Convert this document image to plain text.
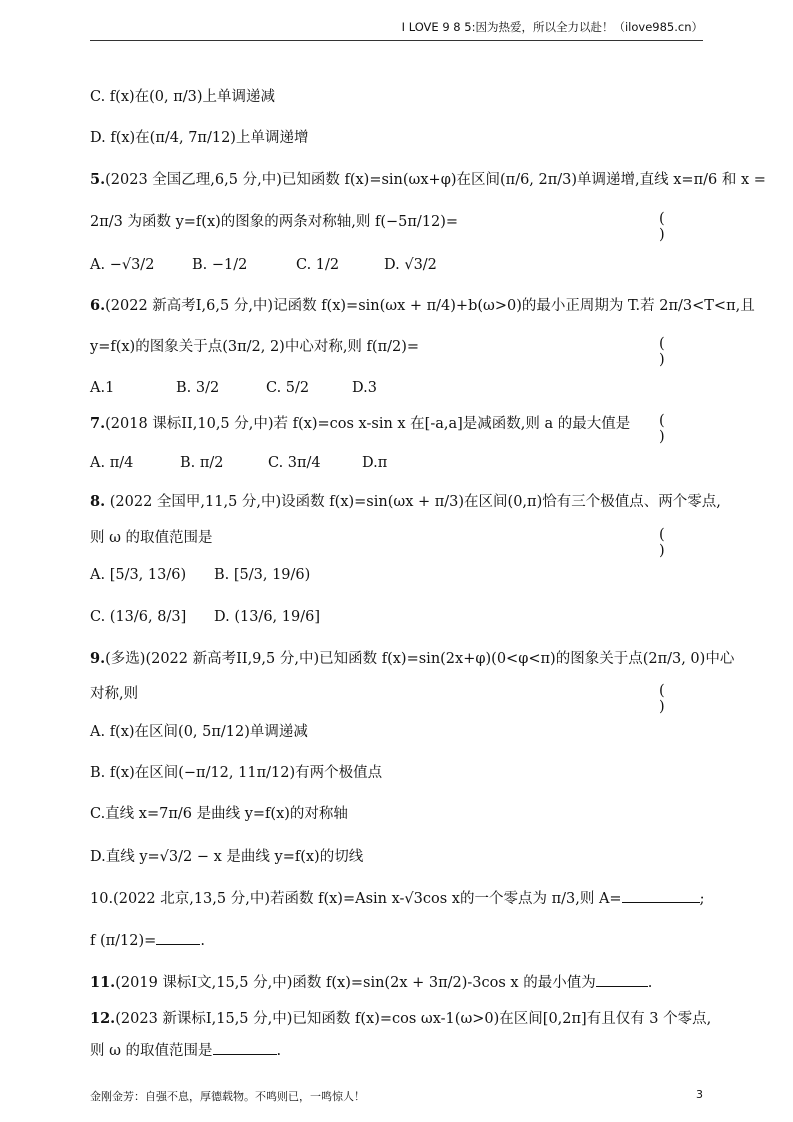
I LOVE 9 8 5:因为热爱，所以全力以赴！（ilove985.cn）
C. f(x)在(0, π/3)上单调递减
D. f(x)在(π/4, 7π/12)上单调递增
5.(2023 全国乙理,6,5 分,中)已知函数 f(x)=sin(ωx+φ)在区间(π/6, 2π/3)单调递增,直线 x=π/6 和 x =
2π/3 为函数 y=f(x)的图象的两条对称轴,则 f(−5π/12)=	( )
A. −√3/2	B. −1/2	C. 1/2	D. √3/2
6.(2022 新高考I,6,5 分,中)记函数 f(x)=sin(ωx + π/4)+b(ω>0)的最小正周期为 T.若 2π/3<T<π,且
y=f(x)的图象关于点(3π/2, 2)中心对称,则 f(π/2)=	( )
A.1	B. 3/2	C. 5/2	D.3
7.(2018 课标II,10,5 分,中)若 f(x)=cos x-sin x 在[-a,a]是减函数,则 a 的最大值是	( )
A. π/4	B. π/2	C. 3π/4	D.π
8. (2022 全国甲,11,5 分,中)设函数 f(x)=sin(ωx + π/3)在区间(0,π)恰有三个极值点、两个零点,
则 ω 的取值范围是	( )
A. [5/3, 13/6) B. [5/3, 19/6)
C. (13/6, 8/3] D. (13/6, 19/6]
9.(多选)(2022 新高考II,9,5 分,中)已知函数 f(x)=sin(2x+φ)(0<φ<π)的图象关于点(2π/3, 0)中心
对称,则	( )
A. f(x)在区间(0, 5π/12)单调递减
B. f(x)在区间(−π/12, 11π/12)有两个极值点
C.直线 x=7π/6 是曲线 y=f(x)的对称轴
D.直线 y=√3/2 − x 是曲线 y=f(x)的切线
10.(2022 北京,13,5 分,中)若函数 f(x)=Asin x-√3cos x的一个零点为 π/3,则 A=	;
f (π/12)=	.
11.(2019 课标I文,15,5 分,中)函数 f(x)=sin(2x + 3π/2)-3cos x 的最小值为	.
12.(2023 新课标I,15,5 分,中)已知函数 f(x)=cos ωx-1(ω>0)在区间[0,2π]有且仅有 3 个零点,
则 ω 的取值范围是	.
金刚金芳：自强不息，厚德载物。不鸣则已，一鸣惊人！	3
